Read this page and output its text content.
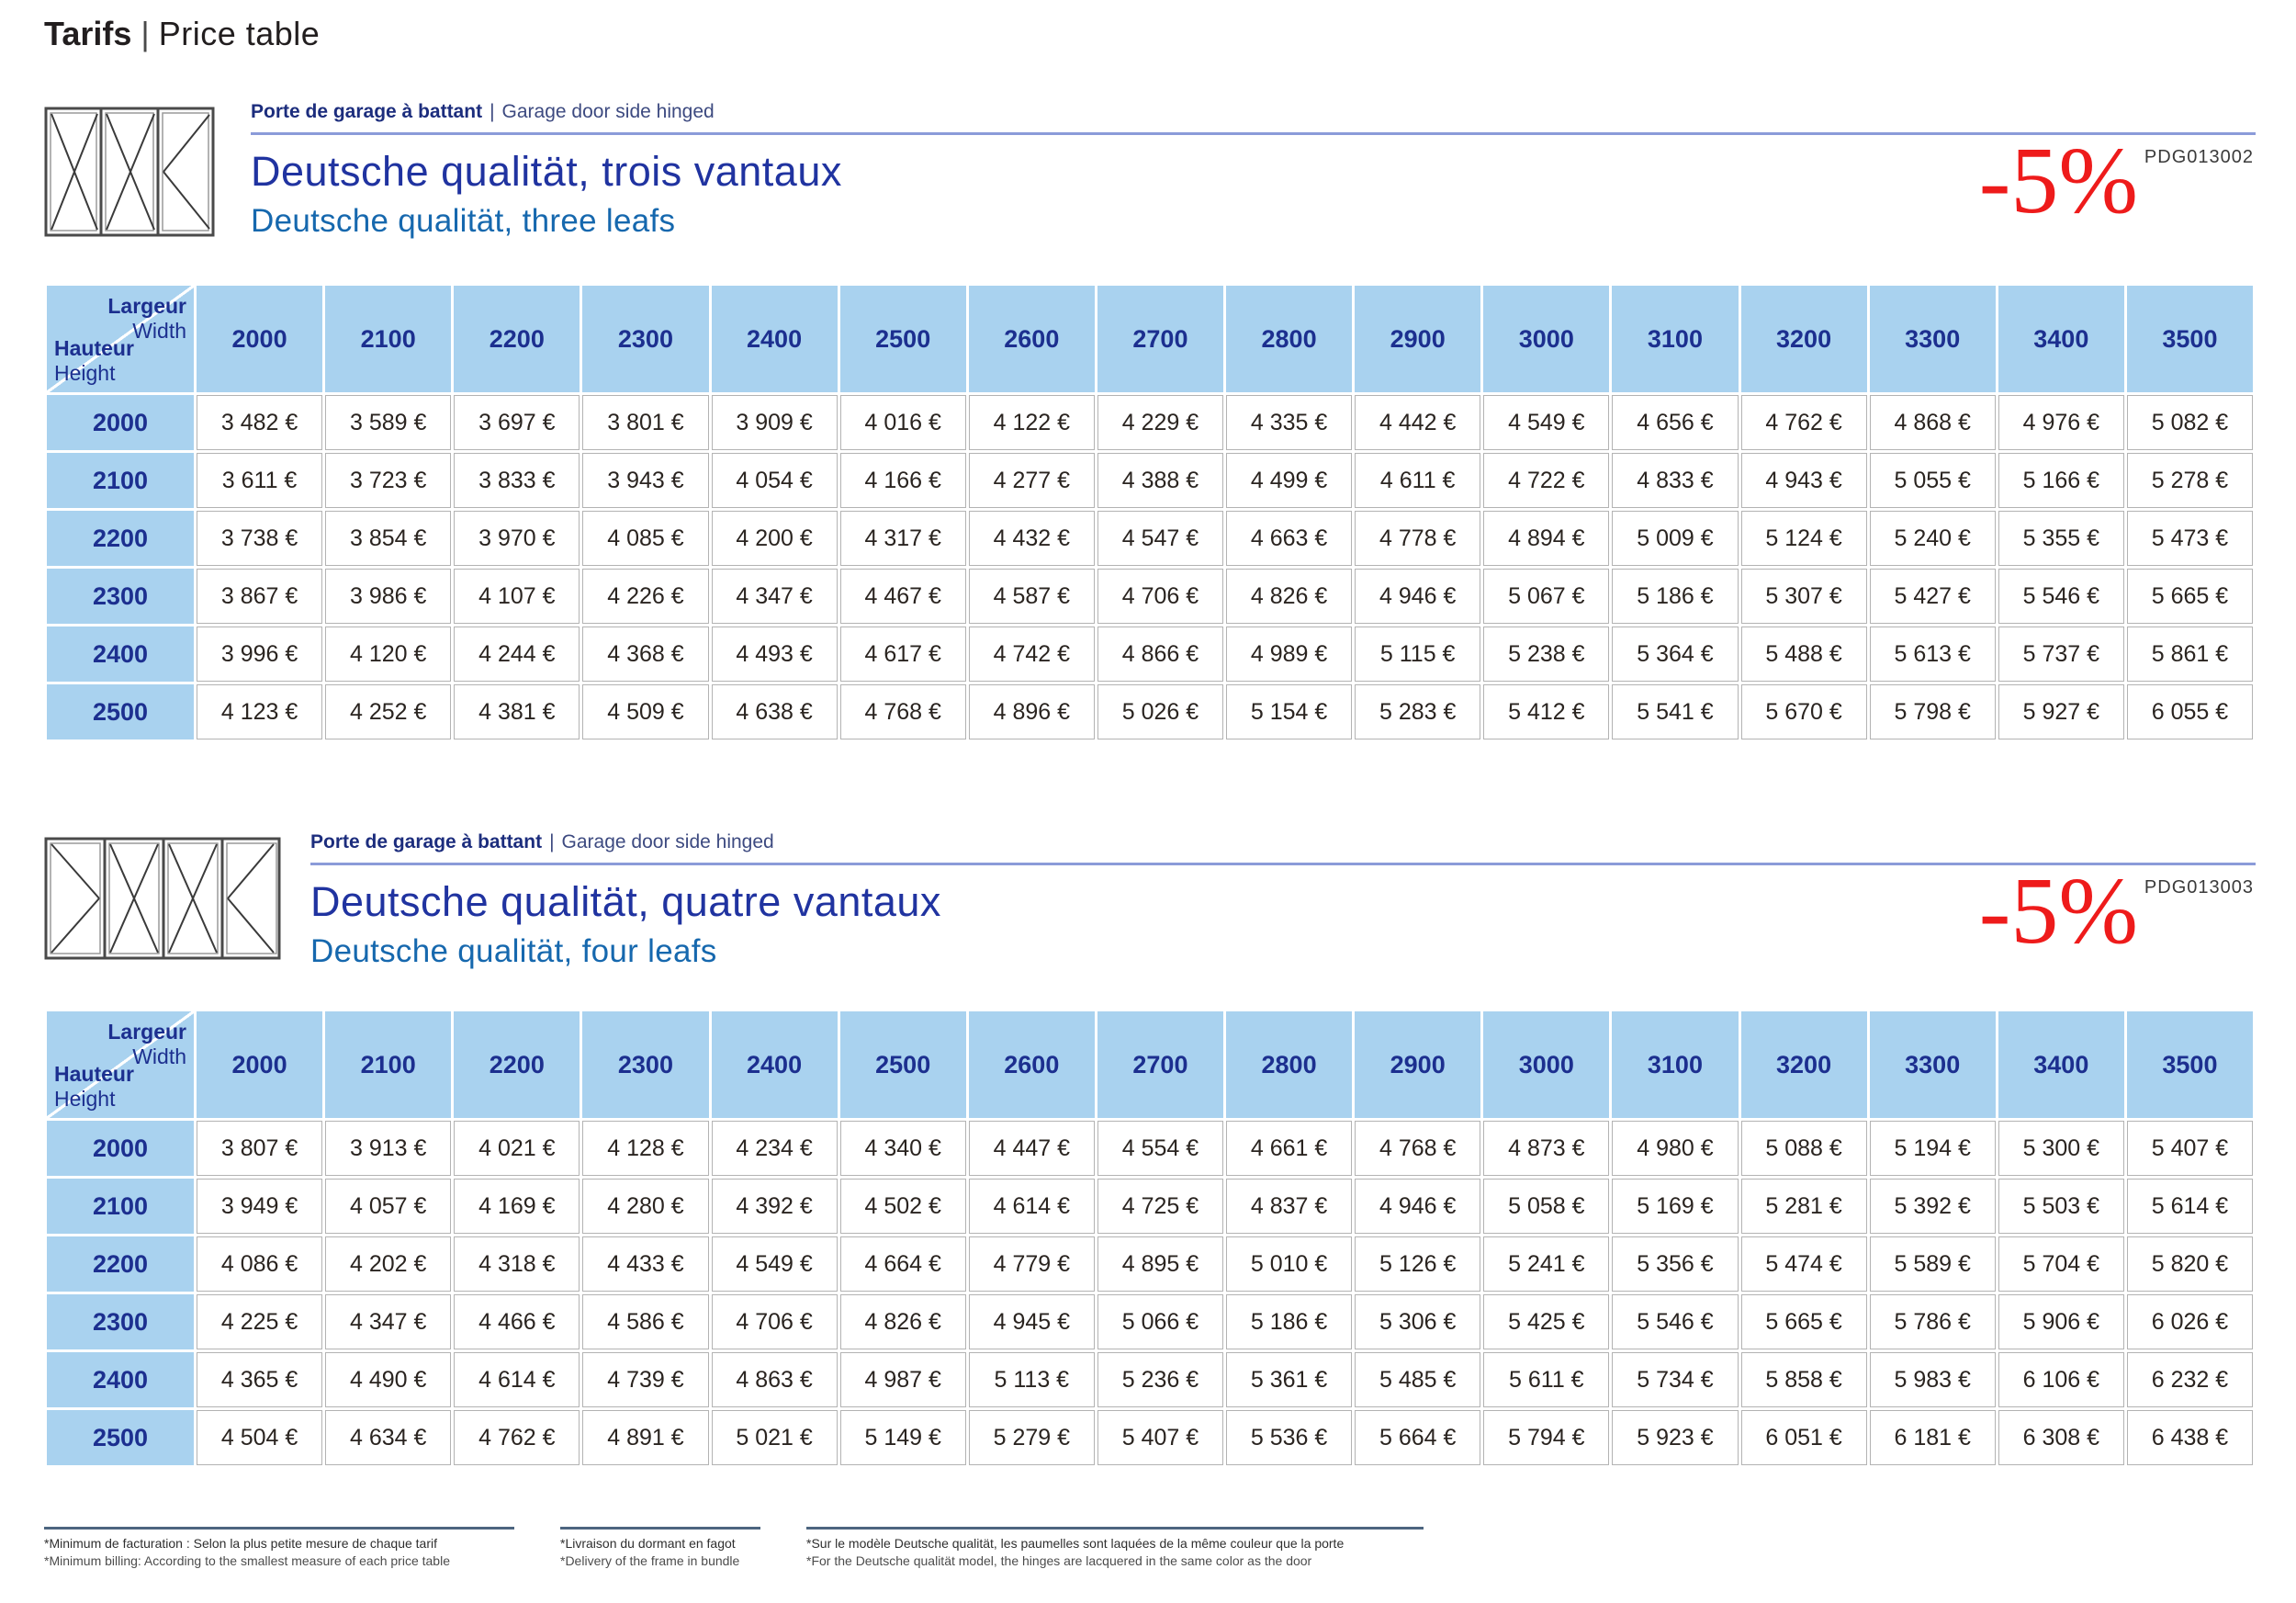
Tarifs | Price table
Porte de garage à battant | Garage door side hinged
Deutsche qualität, trois vantaux
Deutsche qualität, three leafs
PDG013002
-5%
Largeur
Width
Hauteur
Height	2000	2100	2200	2300	2400	2500	2600	2700	2800	2900	3000	3100	3200	3300	3400	3500
2000	3 482 €	3 589 €	3 697 €	3 801 €	3 909 €	4 016 €	4 122 €	4 229 €	4 335 €	4 442 €	4 549 €	4 656 €	4 762 €	4 868 €	4 976 €	5 082 €
2100	3 611 €	3 723 €	3 833 €	3 943 €	4 054 €	4 166 €	4 277 €	4 388 €	4 499 €	4 611 €	4 722 €	4 833 €	4 943 €	5 055 €	5 166 €	5 278 €
2200	3 738 €	3 854 €	3 970 €	4 085 €	4 200 €	4 317 €	4 432 €	4 547 €	4 663 €	4 778 €	4 894 €	5 009 €	5 124 €	5 240 €	5 355 €	5 473 €
2300	3 867 €	3 986 €	4 107 €	4 226 €	4 347 €	4 467 €	4 587 €	4 706 €	4 826 €	4 946 €	5 067 €	5 186 €	5 307 €	5 427 €	5 546 €	5 665 €
2400	3 996 €	4 120 €	4 244 €	4 368 €	4 493 €	4 617 €	4 742 €	4 866 €	4 989 €	5 115 €	5 238 €	5 364 €	5 488 €	5 613 €	5 737 €	5 861 €
2500	4 123 €	4 252 €	4 381 €	4 509 €	4 638 €	4 768 €	4 896 €	5 026 €	5 154 €	5 283 €	5 412 €	5 541 €	5 670 €	5 798 €	5 927 €	6 055 €
Porte de garage à battant | Garage door side hinged
Deutsche qualität, quatre vantaux
Deutsche qualität, four leafs
PDG013003
-5%
Largeur
Width
Hauteur
Height	2000	2100	2200	2300	2400	2500	2600	2700	2800	2900	3000	3100	3200	3300	3400	3500
2000	3 807 €	3 913 €	4 021 €	4 128 €	4 234 €	4 340 €	4 447 €	4 554 €	4 661 €	4 768 €	4 873 €	4 980 €	5 088 €	5 194 €	5 300 €	5 407 €
2100	3 949 €	4 057 €	4 169 €	4 280 €	4 392 €	4 502 €	4 614 €	4 725 €	4 837 €	4 946 €	5 058 €	5 169 €	5 281 €	5 392 €	5 503 €	5 614 €
2200	4 086 €	4 202 €	4 318 €	4 433 €	4 549 €	4 664 €	4 779 €	4 895 €	5 010 €	5 126 €	5 241 €	5 356 €	5 474 €	5 589 €	5 704 €	5 820 €
2300	4 225 €	4 347 €	4 466 €	4 586 €	4 706 €	4 826 €	4 945 €	5 066 €	5 186 €	5 306 €	5 425 €	5 546 €	5 665 €	5 786 €	5 906 €	6 026 €
2400	4 365 €	4 490 €	4 614 €	4 739 €	4 863 €	4 987 €	5 113 €	5 236 €	5 361 €	5 485 €	5 611 €	5 734 €	5 858 €	5 983 €	6 106 €	6 232 €
2500	4 504 €	4 634 €	4 762 €	4 891 €	5 021 €	5 149 €	5 279 €	5 407 €	5 536 €	5 664 €	5 794 €	5 923 €	6 051 €	6 181 €	6 308 €	6 438 €
*Minimum de facturation : Selon la plus petite mesure de chaque tarif
*Minimum billing: According to the smallest measure of each price table
*Livraison du dormant en fagot
*Delivery of the frame in bundle
*Sur le modèle Deutsche qualität, les paumelles sont laquées de la même couleur que la porte
*For the Deutsche qualität model, the hinges are lacquered in the same color as the door
